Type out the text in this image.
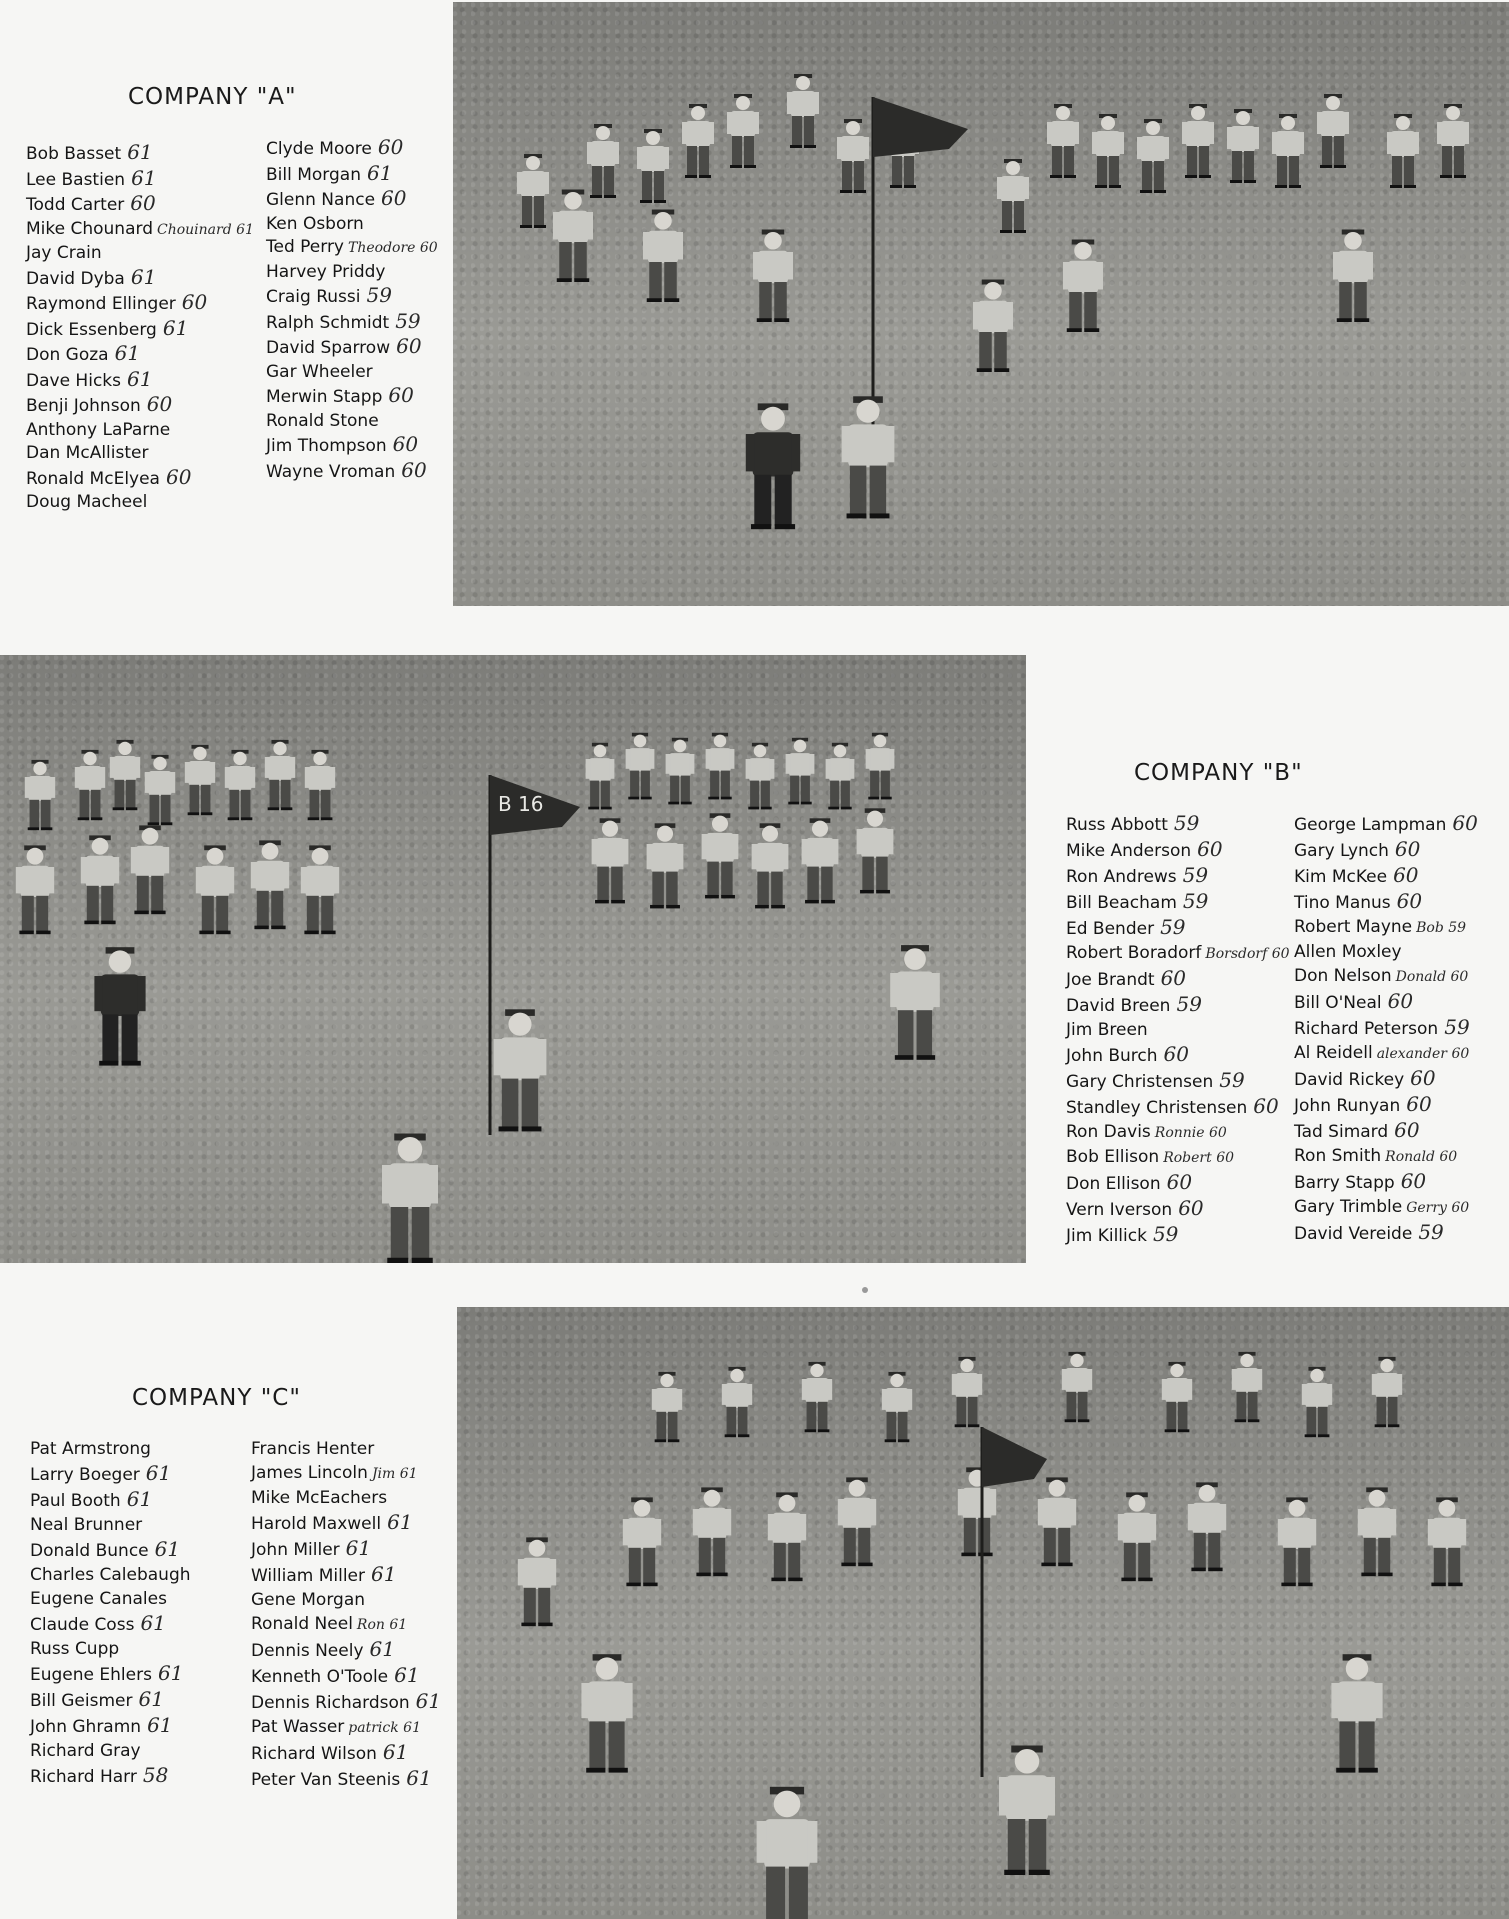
COMPANY "A"
Bob Basset 61
Lee Bastien 61
Todd Carter 60
Mike Chounard Chouinard 61
Jay Crain
David Dyba 61
Raymond Ellinger 60
Dick Essenberg 61
Don Goza 61
Dave Hicks 61
Benji Johnson 60
Anthony LaParne
Dan McAllister
Ronald McElyea 60
Doug Macheel
Clyde Moore 60
Bill Morgan 61
Glenn Nance 60
Ken Osborn
Ted Perry Theodore 60
Harvey Priddy
Craig Russi 59
Ralph Schmidt 59
David Sparrow 60
Gar Wheeler
Merwin Stapp 60
Ronald Stone
Jim Thompson 60
Wayne Vroman 60
B 16
COMPANY "B"
Russ Abbott 59
Mike Anderson 60
Ron Andrews 59
Bill Beacham 59
Ed Bender 59
Robert Boradorf Borsdorf 60
Joe Brandt 60
David Breen 59
Jim Breen
John Burch 60
Gary Christensen 59
Standley Christensen 60
Ron Davis Ronnie 60
Bob Ellison Robert 60
Don Ellison 60
Vern Iverson 60
Jim Killick 59
George Lampman 60
Gary Lynch 60
Kim McKee 60
Tino Manus 60
Robert Mayne Bob 59
Allen Moxley
Don Nelson Donald 60
Bill O'Neal 60
Richard Peterson 59
Al Reidell alexander 60
David Rickey 60
John Runyan 60
Tad Simard 60
Ron Smith Ronald 60
Barry Stapp 60
Gary Trimble Gerry 60
David Vereide 59
COMPANY "C"
Pat Armstrong
Larry Boeger 61
Paul Booth 61
Neal Brunner
Donald Bunce 61
Charles Calebaugh
Eugene Canales
Claude Coss 61
Russ Cupp
Eugene Ehlers 61
Bill Geismer 61
John Ghramn 61
Richard Gray
Richard Harr 58
Francis Henter
James Lincoln Jim 61
Mike McEachers
Harold Maxwell 61
John Miller 61
William Miller 61
Gene Morgan
Ronald Neel Ron 61
Dennis Neely 61
Kenneth O'Toole 61
Dennis Richardson 61
Pat Wasser patrick 61
Richard Wilson 61
Peter Van Steenis 61
